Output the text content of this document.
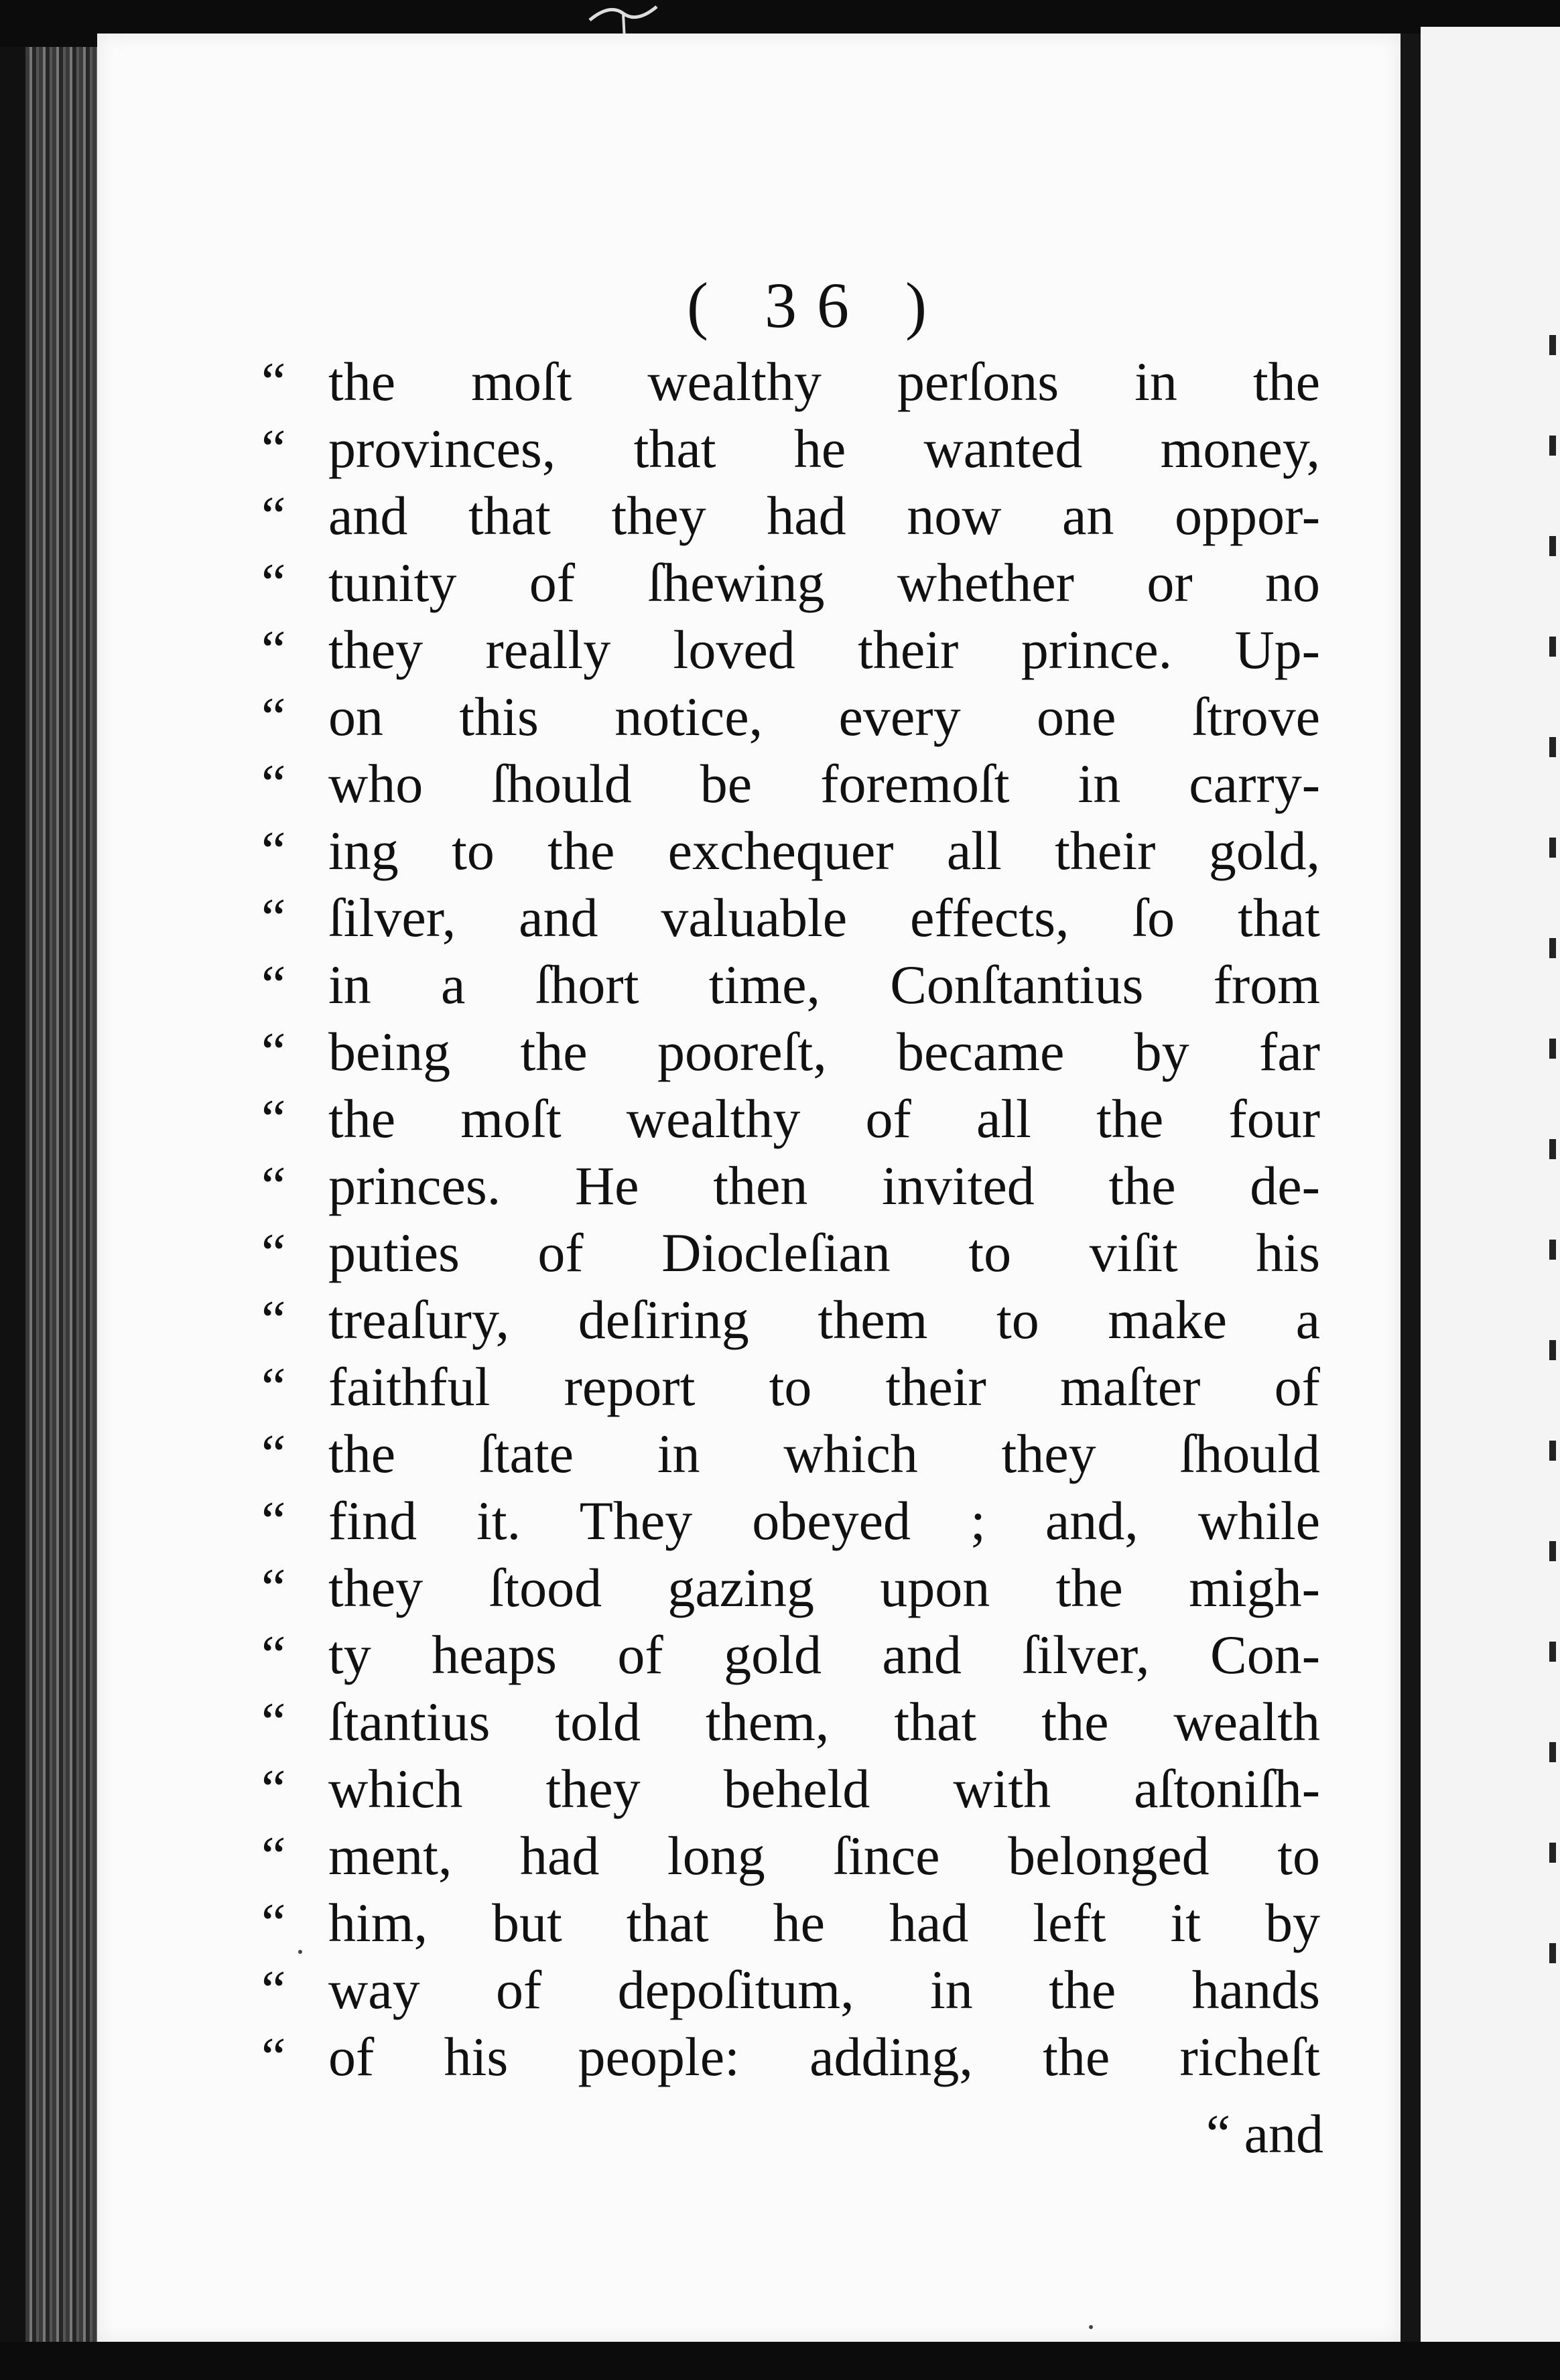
( 36 )
“ the moſt wealthy perſons in the
“ provinces, that he wanted money,
“ and that they had now an oppor-
“ tunity of ſhewing whether or no
“ they really loved their prince. Up-
“ on this notice, every one ſtrove
“ who ſhould be foremoſt in carry-
“ ing to the exchequer all their gold,
“ ſilver, and valuable effects, ſo that
“ in a ſhort time, Conſtantius from
“ being the pooreſt, became by far
“ the moſt wealthy of all the four
“ princes. He then invited the de-
“ puties of Diocleſian to viſit his
“ treaſury, deſiring them to make a
“ faithful report to their maſter of
“ the ſtate in which they ſhould
“ find it. They obeyed ; and, while
“ they ſtood gazing upon the migh-
“ ty heaps of gold and ſilver, Con-
“ ſtantius told them, that the wealth
“ which they beheld with aſtoniſh-
“ ment, had long ſince belonged to
“ him, but that he had left it by
“ way of depoſitum, in the hands
“ of his people: adding, the richeſt
“ and
